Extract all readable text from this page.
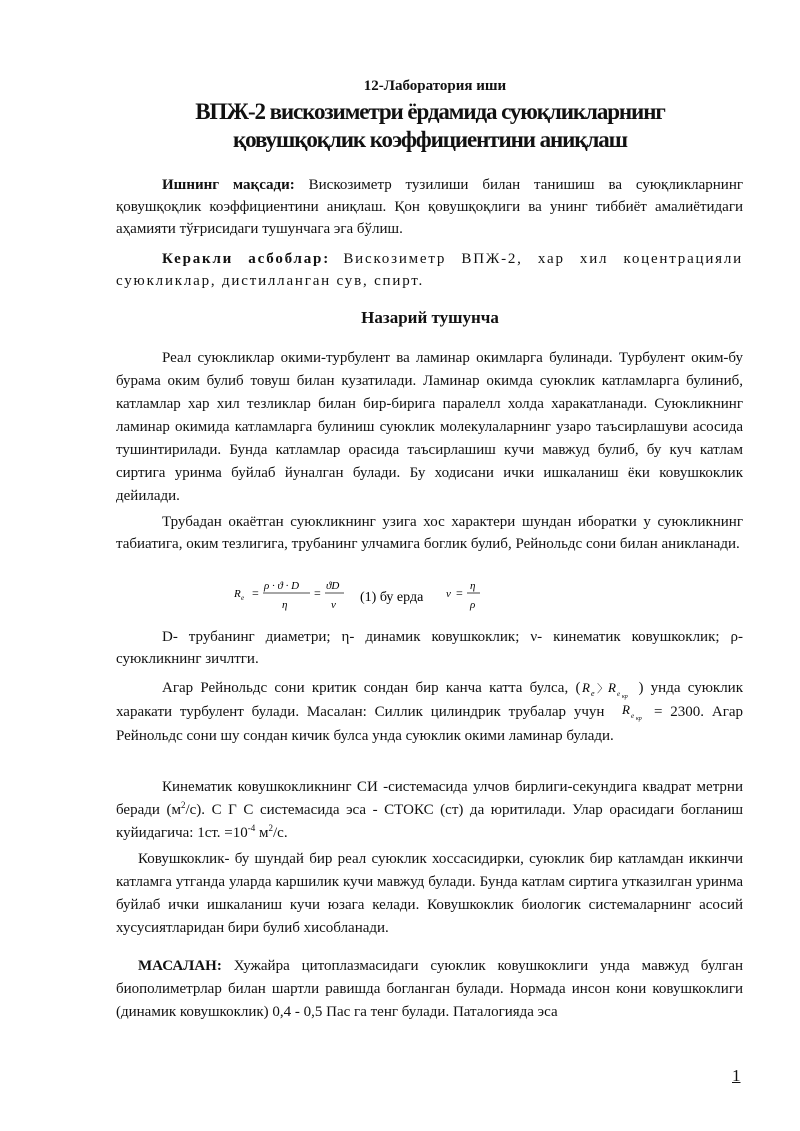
12-Лаборатория иши
ВПЖ-2 вискозиметри ёрдамида суюқликларнинг
қовушқоқлик коэффициентини аниқлаш

Ишнинг мақсади: Вискозиметр тузилиши билан танишиш ва суюқликларнинг қовушқоқлик коэффициентини аниқлаш. Қон қовушқоқлиги ва унинг тиббиёт амалиётидаги аҳамияти тўғрисидаги тушунчага эга бўлиш.

Керакли асбоблар: Вискозиметр ВПЖ-2, хар хил коцентрацияли суюкликлар, дистилланган сув, спирт.

Назарий тушунча

Реал суюкликлар окими-турбулент ва ламинар окимларга булинади. Турбулент оким-бу бурама оким булиб товуш билан кузатилади. Ламинар окимда суюклик катламларга булиниб, катламлар хар хил тезликлар билан бир-бирига паралелл холда харакатланади. Суюкликнинг ламинар окимида катламларга булиниш суюклик молекулаларнинг узаро таъсирлашуви асосида тушинтирилади. Бунда катламлар орасида таъсирлашиш кучи мавжуд булиб, бу куч катлам сиртига уринма буйлаб йуналган булади. Бу ходисани ички ишкаланиш ёки ковушкоклик дейилади.

Трубадан окаётган суюкликнинг узига хос характери шундан иборатки у суюкликнинг табиатига, оким тезлигига, трубанинг улчамига боглик булиб, Рейнольдс сони билан аникланади.

R e = ρ · ϑ · D
η
= ϑD
ν (1) бу ерда ν = η
ρ

D- трубанинг диаметри; η- динамик ковушкоклик; ν- кинематик ковушкоклик; ρ- суюкликнинг зичлтги.

Агар Рейнольдс сони критик сондан бир канча катта булса, ( R e 〉 R e кр
) унда суюклик харакати турбулент булади. Масалан: Силлик цилиндрик трубалар учун R e кр = 2300. Агар Рейнольдс сони шу сондан кичик булса унда суюклик окими ламинар булади.

Кинематик ковушкокликнинг СИ -системасида улчов бирлиги-секундига квадрат метрни беради $(м^2/с)$. С Г С системасида эса - СТОКС (ст) да юритилади. Улар орасидаги богланиш куйидагича: 1ст. $=10^{-4}$ $м^2/с$.

Ковушкоклик- бу шундай бир реал суюклик хоссасидирки, суюклик бир катламдан иккинчи катламга утганда уларда каршилик кучи мавжуд булади. Бунда катлам сиртига утказилган уринма буйлаб ички ишкаланиш кучи юзага келади. Ковушкоклик биологик системаларнинг асосий хусусиятларидан бири булиб хисобланади.

МАСАЛАН: Хужайра цитоплазмасидаги суюклик ковушкоклиги унда мавжуд булган биополиметрлар билан шартли равишда богланган булади. Нормада инсон кони ковушкоклиги (динамик ковушкоклик) 0,4 - 0,5 Пас га тенг булади. Паталогияда эса

1
